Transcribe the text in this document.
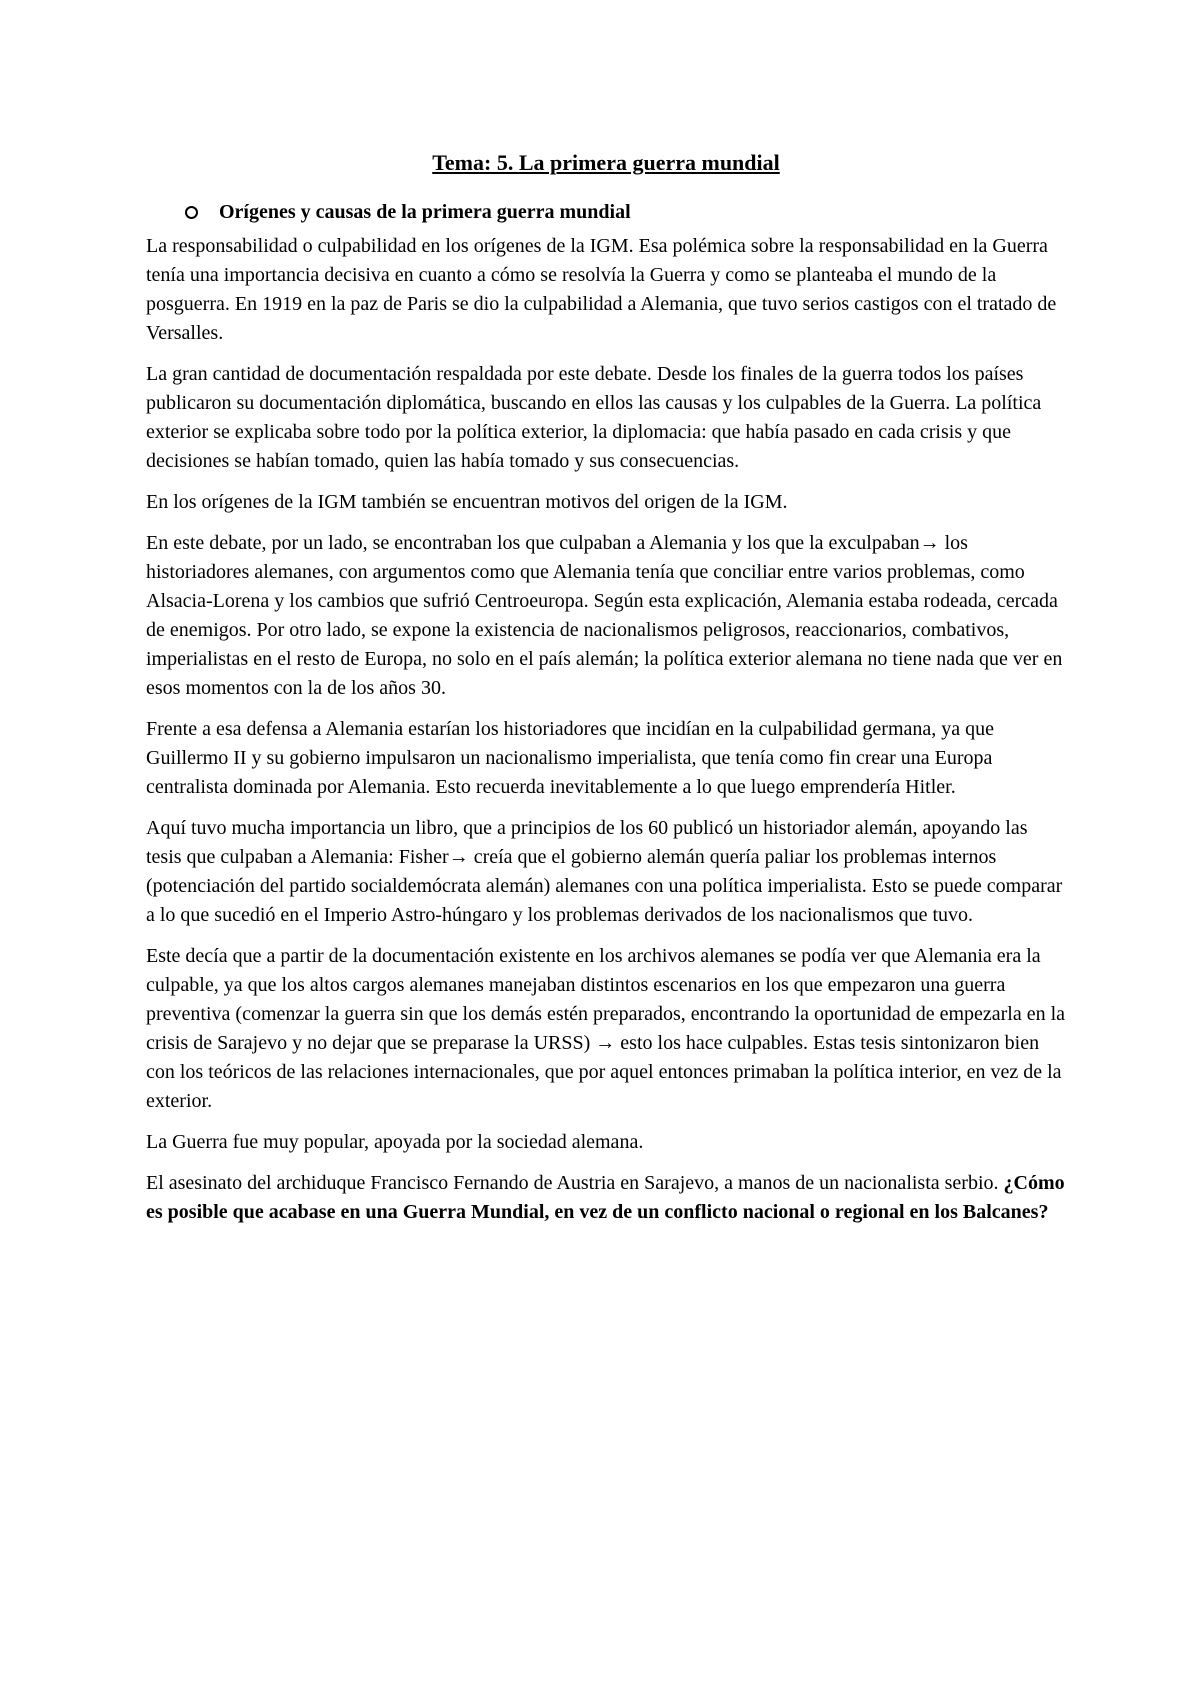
Tema: 5. La primera guerra mundial
Orígenes y causas de la primera guerra mundial

La responsabilidad o culpabilidad en los orígenes de la IGM. Esa polémica sobre la responsabilidad en la Guerra tenía una importancia decisiva en cuanto a cómo se resolvía la Guerra y como se planteaba el mundo de la posguerra. En 1919 en la paz de Paris se dio la culpabilidad a Alemania, que tuvo serios castigos con el tratado de Versalles.

La gran cantidad de documentación respaldada por este debate. Desde los finales de la guerra todos los países publicaron su documentación diplomática, buscando en ellos las causas y los culpables de la Guerra. La política exterior se explicaba sobre todo por la política exterior, la diplomacia: que había pasado en cada crisis y que decisiones se habían tomado, quien las había tomado y sus consecuencias.

En los orígenes de la IGM también se encuentran motivos del origen de la IGM.

En este debate, por un lado, se encontraban los que culpaban a Alemania y los que la exculpaban→ los historiadores alemanes, con argumentos como que Alemania tenía que conciliar entre varios problemas, como Alsacia-Lorena y los cambios que sufrió Centroeuropa. Según esta explicación, Alemania estaba rodeada, cercada de enemigos. Por otro lado, se expone la existencia de nacionalismos peligrosos, reaccionarios, combativos, imperialistas en el resto de Europa, no solo en el país alemán; la política exterior alemana no tiene nada que ver en esos momentos con la de los años 30.

Frente a esa defensa a Alemania estarían los historiadores que incidían en la culpabilidad germana, ya que Guillermo II y su gobierno impulsaron un nacionalismo imperialista, que tenía como fin crear una Europa centralista dominada por Alemania. Esto recuerda inevitablemente a lo que luego emprendería Hitler.

Aquí tuvo mucha importancia un libro, que a principios de los 60 publicó un historiador alemán, apoyando las tesis que culpaban a Alemania: Fisher→ creía que el gobierno alemán quería paliar los problemas internos (potenciación del partido socialdemócrata alemán) alemanes con una política imperialista. Esto se puede comparar a lo que sucedió en el Imperio Astro-húngaro y los problemas derivados de los nacionalismos que tuvo.

Este decía que a partir de la documentación existente en los archivos alemanes se podía ver que Alemania era la culpable, ya que los altos cargos alemanes manejaban distintos escenarios en los que empezaron una guerra preventiva (comenzar la guerra sin que los demás estén preparados, encontrando la oportunidad de empezarla en la crisis de Sarajevo y no dejar que se preparase la URSS) → esto los hace culpables. Estas tesis sintonizaron bien con los teóricos de las relaciones internacionales, que por aquel entonces primaban la política interior, en vez de la exterior.

La Guerra fue muy popular, apoyada por la sociedad alemana.

El asesinato del archiduque Francisco Fernando de Austria en Sarajevo, a manos de un nacionalista serbio. ¿Cómo es posible que acabase en una Guerra Mundial, en vez de un conflicto nacional o regional en los Balcanes?
